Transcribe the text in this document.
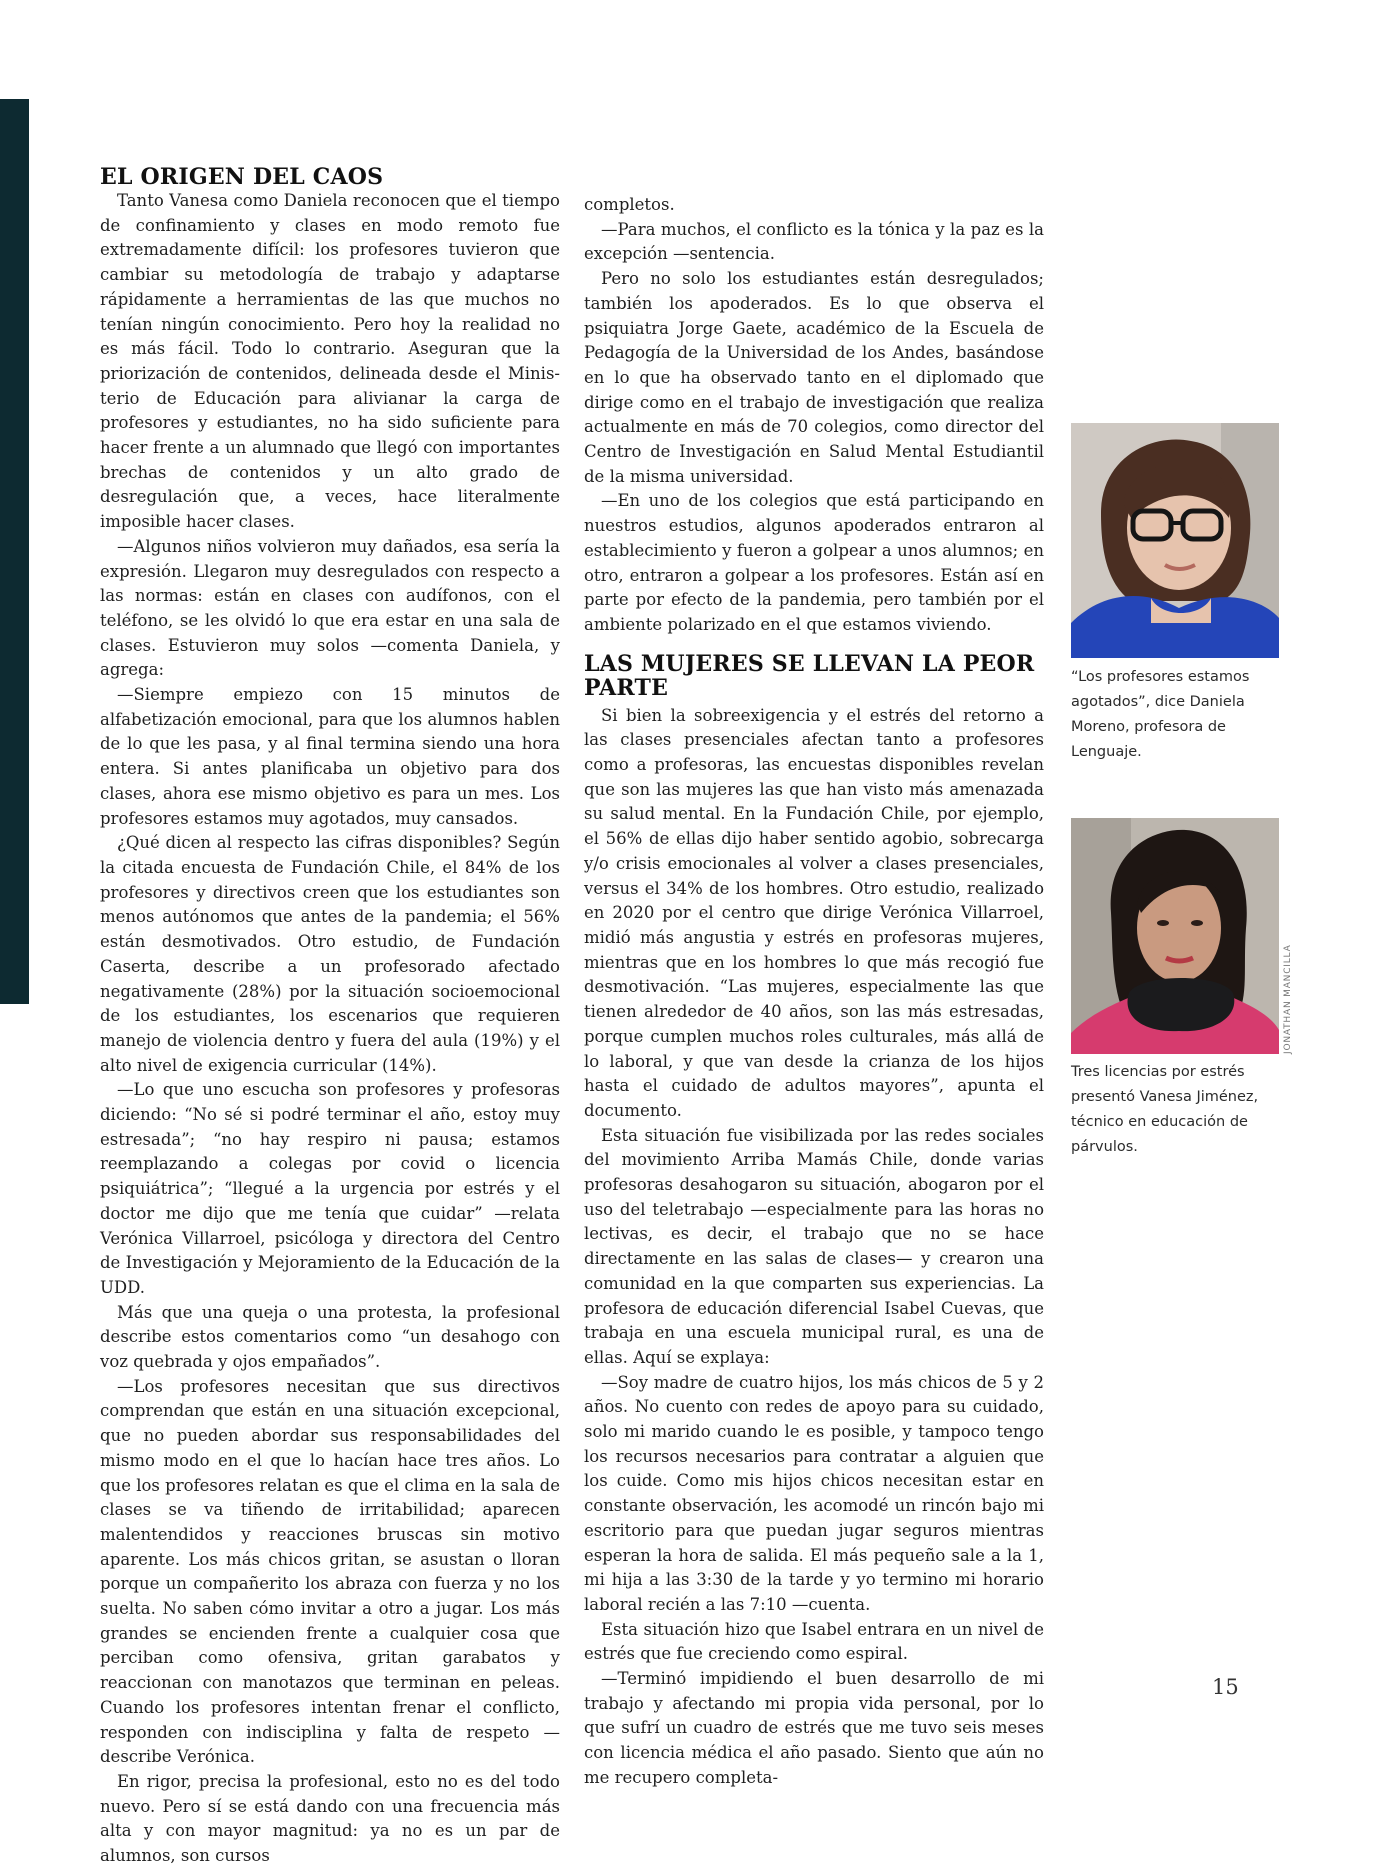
EL ORIGEN DEL CAOS

Tanto Vanesa como Daniela reconocen que el tiempo de confinamiento y clases en modo remoto fue extremadamente difícil: los profesores tuvieron que cambiar su metodología de trabajo y adaptarse rápidamente a herramientas de las que muchos no tenían ningún conocimiento. Pero hoy la realidad no es más fácil. Todo lo contrario. Aseguran que la priorización de contenidos, delineada desde el Ministerio de Educación para alivianar la carga de profesores y estudiantes, no ha sido suficiente para hacer frente a un alumnado que llegó con importantes brechas de contenidos y un alto grado de desregulación que, a veces, hace literalmente imposible hacer clases.

—Algunos niños volvieron muy dañados, esa sería la expresión. Llegaron muy desregulados con respecto a las normas: están en clases con audífonos, con el teléfono, se les olvidó lo que era estar en una sala de clases. Estuvieron muy solos —comenta Daniela, y agrega:

—Siempre empiezo con 15 minutos de alfabetización emocional, para que los alumnos hablen de lo que les pasa, y al final termina siendo una hora entera. Si antes planificaba un objetivo para dos clases, ahora ese mismo objetivo es para un mes. Los profesores estamos muy agotados, muy cansados.

¿Qué dicen al respecto las cifras disponibles? Según la citada encuesta de Fundación Chile, el 84% de los profesores y directivos creen que los estudiantes son menos autónomos que antes de la pandemia; el 56% están desmotivados. Otro estudio, de Fundación Caserta, describe a un profesorado afectado negativamente (28%) por la situación socioemocional de los estudiantes, los escenarios que requieren manejo de violencia dentro y fuera del aula (19%) y el alto nivel de exigencia curricular (14%).

—Lo que uno escucha son profesores y profesoras diciendo: “No sé si podré terminar el año, estoy muy estresada”; “no hay respiro ni pausa; estamos reemplazando a colegas por covid o licencia psiquiátrica”; “llegué a la urgencia por estrés y el doctor me dijo que me tenía que cuidar” —relata Verónica Villarroel, psicóloga y directora del Centro de Investigación y Mejoramiento de la Educación de la UDD.

Más que una queja o una protesta, la profesional describe estos comentarios como “un desahogo con voz quebrada y ojos empañados”.

—Los profesores necesitan que sus directivos comprendan que están en una situación excepcional, que no pueden abordar sus responsabilidades del mismo modo en el que lo hacían hace tres años. Lo que los profesores relatan es que el clima en la sala de clases se va tiñendo de irritabilidad; aparecen malentendidos y reacciones bruscas sin motivo aparente. Los más chicos gritan, se asustan o lloran porque un compañerito los abraza con fuerza y no los suelta. No saben cómo invitar a otro a jugar. Los más grandes se encienden frente a cualquier cosa que perciban como ofensiva, gritan garabatos y reaccionan con manotazos que terminan en peleas. Cuando los profesores intentan frenar el conflicto, responden con indisciplina y falta de respeto —describe Verónica.

En rigor, precisa la profesional, esto no es del todo nuevo. Pero sí se está dando con una frecuencia más alta y con mayor magnitud: ya no es un par de alumnos, son cursos

completos.

—Para muchos, el conflicto es la tónica y la paz es la excepción —sentencia.

Pero no solo los estudiantes están desregulados; también los apoderados. Es lo que observa el psiquiatra Jorge Gaete, académico de la Escuela de Pedagogía de la Universidad de los Andes, basándose en lo que ha observado tanto en el diplomado que dirige como en el trabajo de investigación que realiza actualmente en más de 70 colegios, como director del Centro de Investigación en Salud Mental Estudiantil de la misma universidad.

—En uno de los colegios que está participando en nuestros estudios, algunos apoderados entraron al establecimiento y fueron a golpear a unos alumnos; en otro, entraron a golpear a los profesores. Están así en parte por efecto de la pandemia, pero también por el ambiente polarizado en el que estamos viviendo.

LAS MUJERES SE LLEVAN LA PEOR PARTE

Si bien la sobreexigencia y el estrés del retorno a las clases presenciales afectan tanto a profesores como a profesoras, las encuestas disponibles revelan que son las mujeres las que han visto más amenazada su salud mental. En la Fundación Chile, por ejemplo, el 56% de ellas dijo haber sentido agobio, sobrecarga y/o crisis emocionales al volver a clases presenciales, versus el 34% de los hombres. Otro estudio, realizado en 2020 por el centro que dirige Verónica Villarroel, midió más angustia y estrés en profesoras mujeres, mientras que en los hombres lo que más recogió fue desmotivación. “Las mujeres, especialmente las que tienen alrededor de 40 años, son las más estresadas, porque cumplen muchos roles culturales, más allá de lo laboral, y que van desde la crianza de los hijos hasta el cuidado de adultos mayores”, apunta el documento.

Esta situación fue visibilizada por las redes sociales del movimiento Arriba Mamás Chile, donde varias profesoras desahogaron su situación, abogaron por el uso del teletrabajo —especialmente para las horas no lectivas, es decir, el trabajo que no se hace directamente en las salas de clases— y crearon una comunidad en la que comparten sus experiencias. La profesora de educación diferencial Isabel Cuevas, que trabaja en una escuela municipal rural, es una de ellas. Aquí se explaya:

—Soy madre de cuatro hijos, los más chicos de 5 y 2 años. No cuento con redes de apoyo para su cuidado, solo mi marido cuando le es posible, y tampoco tengo los recursos necesarios para contratar a alguien que los cuide. Como mis hijos chicos necesitan estar en constante observación, les acomodé un rincón bajo mi escritorio para que puedan jugar seguros mientras esperan la hora de salida. El más pequeño sale a la 1, mi hija a las 3:30 de la tarde y yo termino mi horario laboral recién a las 7:10 —cuenta.

Esta situación hizo que Isabel entrara en un nivel de estrés que fue creciendo como espiral.

—Terminó impidiendo el buen desarrollo de mi trabajo y afectando mi propia vida personal, por lo que sufrí un cuadro de estrés que me tuvo seis meses con licencia médica el año pasado. Siento que aún no me recupero completa-

“Los profesores estamos agotados”, dice Daniela Moreno, profesora de Lenguaje.
JONATHAN MANCILLA
Tres licencias por estrés presentó Vanesa Jiménez, técnico en educación de párvulos.
15
